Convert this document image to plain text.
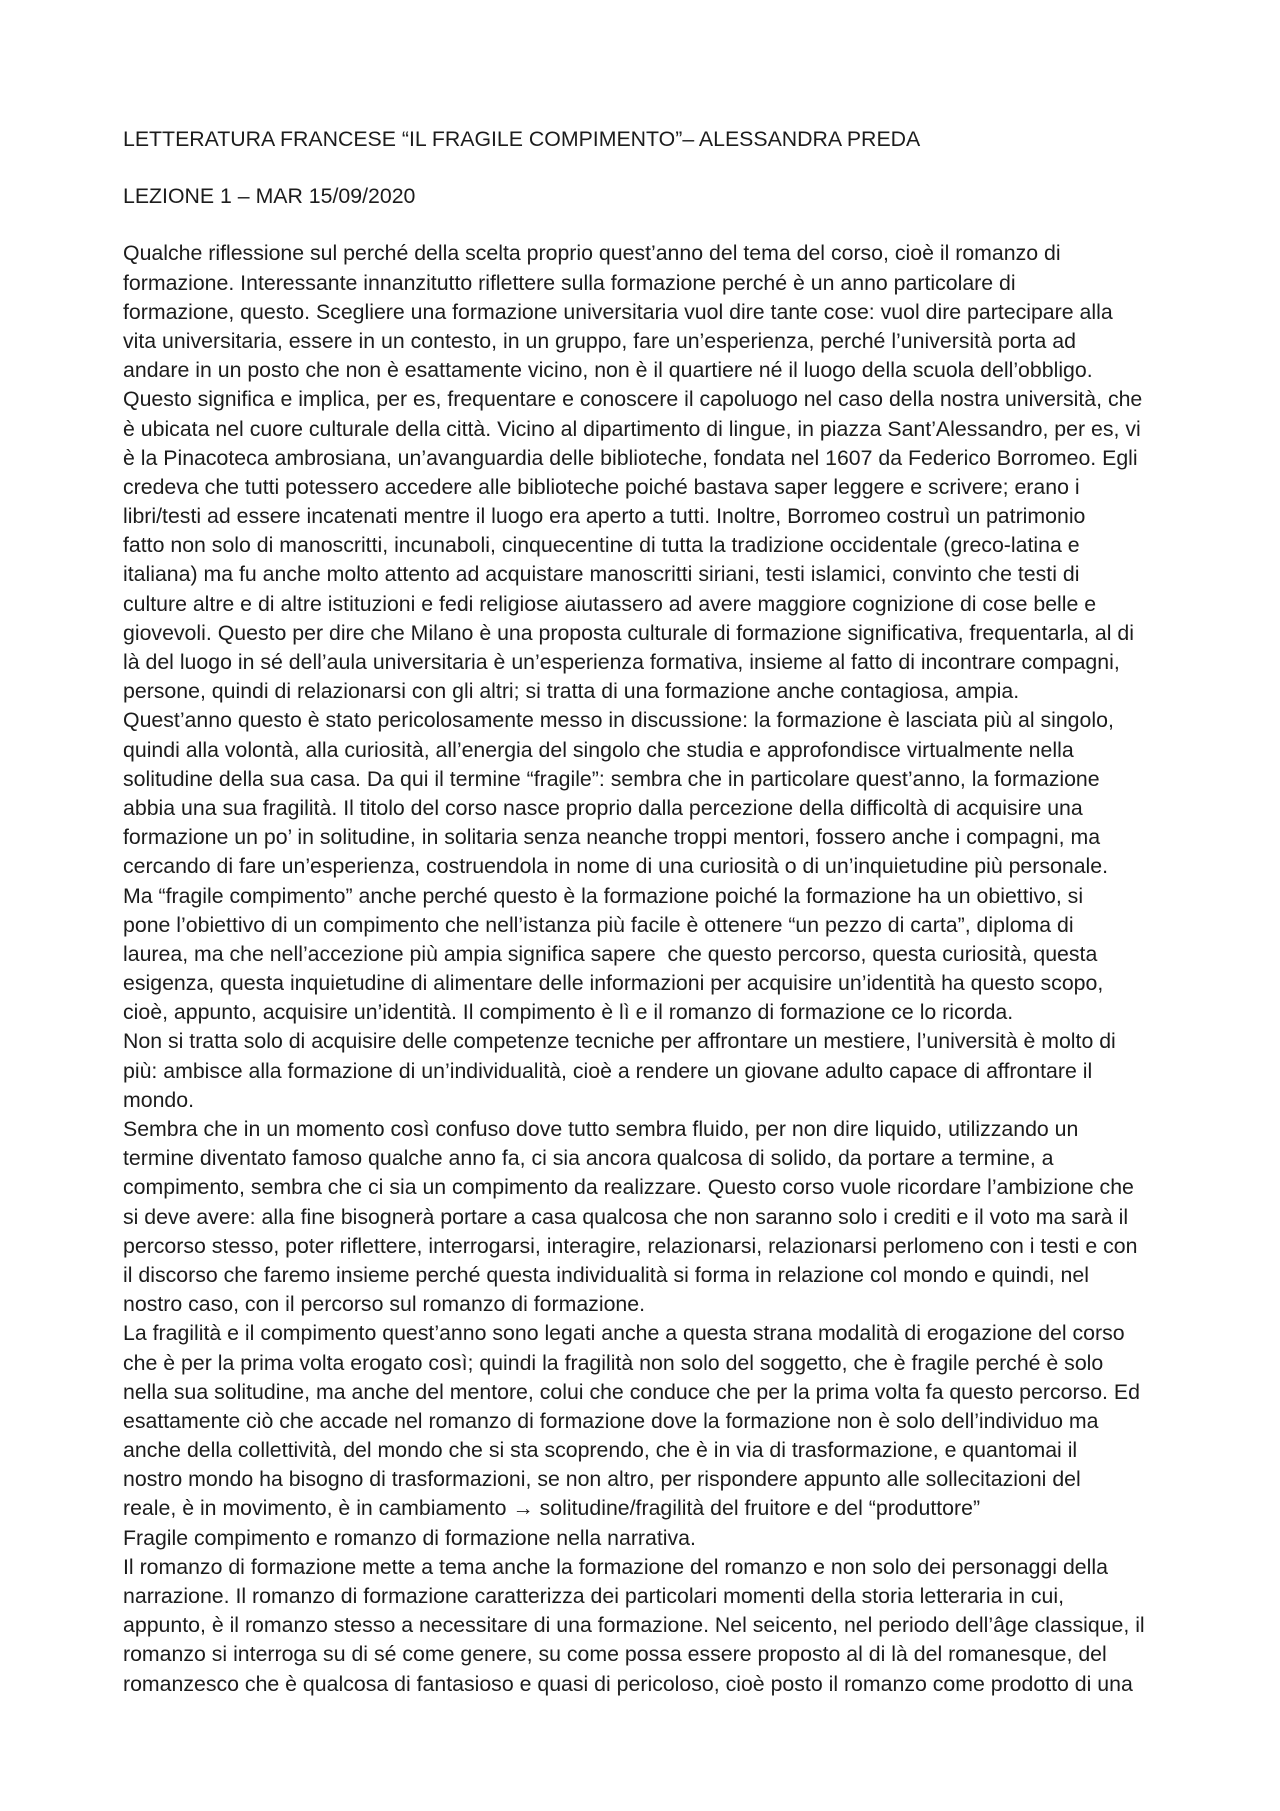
LETTERATURA FRANCESE “IL FRAGILE COMPIMENTO”– ALESSANDRA PREDA
LEZIONE 1 – MAR 15/09/2020
Qualche riflessione sul perché della scelta proprio quest’anno del tema del corso, cioè il romanzo di
formazione. Interessante innanzitutto riflettere sulla formazione perché è un anno particolare di
formazione, questo. Scegliere una formazione universitaria vuol dire tante cose: vuol dire partecipare alla
vita universitaria, essere in un contesto, in un gruppo, fare un’esperienza, perché l’università porta ad
andare in un posto che non è esattamente vicino, non è il quartiere né il luogo della scuola dell’obbligo.
Questo significa e implica, per es, frequentare e conoscere il capoluogo nel caso della nostra università, che
è ubicata nel cuore culturale della città. Vicino al dipartimento di lingue, in piazza Sant’Alessandro, per es, vi
è la Pinacoteca ambrosiana, un’avanguardia delle biblioteche, fondata nel 1607 da Federico Borromeo. Egli
credeva che tutti potessero accedere alle biblioteche poiché bastava saper leggere e scrivere; erano i
libri/testi ad essere incatenati mentre il luogo era aperto a tutti. Inoltre, Borromeo costruì un patrimonio
fatto non solo di manoscritti, incunaboli, cinquecentine di tutta la tradizione occidentale (greco-latina e
italiana) ma fu anche molto attento ad acquistare manoscritti siriani, testi islamici, convinto che testi di
culture altre e di altre istituzioni e fedi religiose aiutassero ad avere maggiore cognizione di cose belle e
giovevoli. Questo per dire che Milano è una proposta culturale di formazione significativa, frequentarla, al di
là del luogo in sé dell’aula universitaria è un’esperienza formativa, insieme al fatto di incontrare compagni,
persone, quindi di relazionarsi con gli altri; si tratta di una formazione anche contagiosa, ampia.
Quest’anno questo è stato pericolosamente messo in discussione: la formazione è lasciata più al singolo,
quindi alla volontà, alla curiosità, all’energia del singolo che studia e approfondisce virtualmente nella
solitudine della sua casa. Da qui il termine “fragile”: sembra che in particolare quest’anno, la formazione
abbia una sua fragilità. Il titolo del corso nasce proprio dalla percezione della difficoltà di acquisire una
formazione un po’ in solitudine, in solitaria senza neanche troppi mentori, fossero anche i compagni, ma
cercando di fare un’esperienza, costruendola in nome di una curiosità o di un’inquietudine più personale.
Ma “fragile compimento” anche perché questo è la formazione poiché la formazione ha un obiettivo, si
pone l’obiettivo di un compimento che nell’istanza più facile è ottenere “un pezzo di carta”, diploma di
laurea, ma che nell’accezione più ampia significa sapere  che questo percorso, questa curiosità, questa
esigenza, questa inquietudine di alimentare delle informazioni per acquisire un’identità ha questo scopo,
cioè, appunto, acquisire un’identità. Il compimento è lì e il romanzo di formazione ce lo ricorda.
Non si tratta solo di acquisire delle competenze tecniche per affrontare un mestiere, l’università è molto di
più: ambisce alla formazione di un’individualità, cioè a rendere un giovane adulto capace di affrontare il
mondo.
Sembra che in un momento così confuso dove tutto sembra fluido, per non dire liquido, utilizzando un
termine diventato famoso qualche anno fa, ci sia ancora qualcosa di solido, da portare a termine, a
compimento, sembra che ci sia un compimento da realizzare. Questo corso vuole ricordare l’ambizione che
si deve avere: alla fine bisognerà portare a casa qualcosa che non saranno solo i crediti e il voto ma sarà il
percorso stesso, poter riflettere, interrogarsi, interagire, relazionarsi, relazionarsi perlomeno con i testi e con
il discorso che faremo insieme perché questa individualità si forma in relazione col mondo e quindi, nel
nostro caso, con il percorso sul romanzo di formazione.
La fragilità e il compimento quest’anno sono legati anche a questa strana modalità di erogazione del corso
che è per la prima volta erogato così; quindi la fragilità non solo del soggetto, che è fragile perché è solo
nella sua solitudine, ma anche del mentore, colui che conduce che per la prima volta fa questo percorso. Ed
esattamente ciò che accade nel romanzo di formazione dove la formazione non è solo dell’individuo ma
anche della collettività, del mondo che si sta scoprendo, che è in via di trasformazione, e quantomai il
nostro mondo ha bisogno di trasformazioni, se non altro, per rispondere appunto alle sollecitazioni del
reale, è in movimento, è in cambiamento → solitudine/fragilità del fruitore e del “produttore”
Fragile compimento e romanzo di formazione nella narrativa.
Il romanzo di formazione mette a tema anche la formazione del romanzo e non solo dei personaggi della
narrazione. Il romanzo di formazione caratterizza dei particolari momenti della storia letteraria in cui,
appunto, è il romanzo stesso a necessitare di una formazione. Nel seicento, nel periodo dell’âge classique, il
romanzo si interroga su di sé come genere, su come possa essere proposto al di là del romanesque, del
romanzesco che è qualcosa di fantasioso e quasi di pericoloso, cioè posto il romanzo come prodotto di una
